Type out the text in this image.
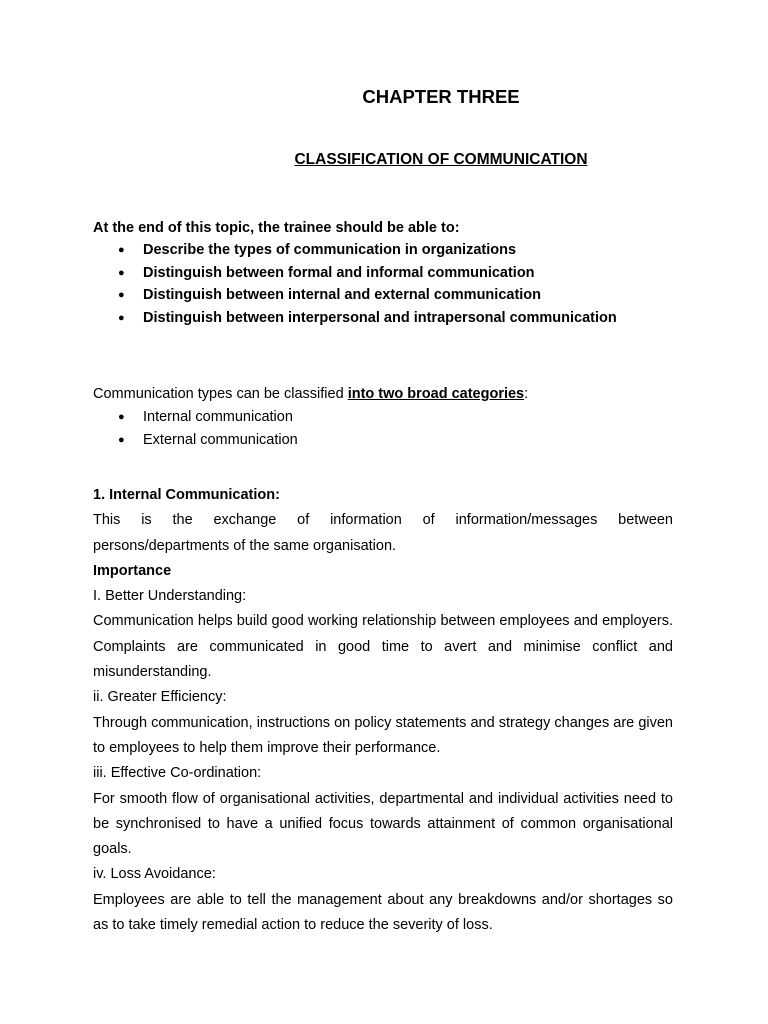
CHAPTER THREE
CLASSIFICATION OF COMMUNICATION

At the end of this topic, the trainee should be able to:

● Describe the types of communication in organizations
● Distinguish between formal and informal communication
● Distinguish between internal and external communication
● Distinguish between interpersonal and intrapersonal communication

Communication types can be classified into two broad categories:

● Internal communication
● External communication

1. Internal Communication:

This is the exchange of information of information/messages between persons/departments of the same organisation.

Importance

I. Better Understanding:

Communication helps build good working relationship between employees and employers. Complaints are communicated in good time to avert and minimise conflict and misunderstanding.

ii. Greater Efficiency:

Through communication, instructions on policy statements and strategy changes are given to employees to help them improve their performance.

iii. Effective Co-ordination:

For smooth flow of organisational activities, departmental and individual activities need to be synchronised to have a unified focus towards attainment of common organisational goals.

iv. Loss Avoidance:

Employees are able to tell the management about any breakdowns and/or shortages so as to take timely remedial action to reduce the severity of loss.
